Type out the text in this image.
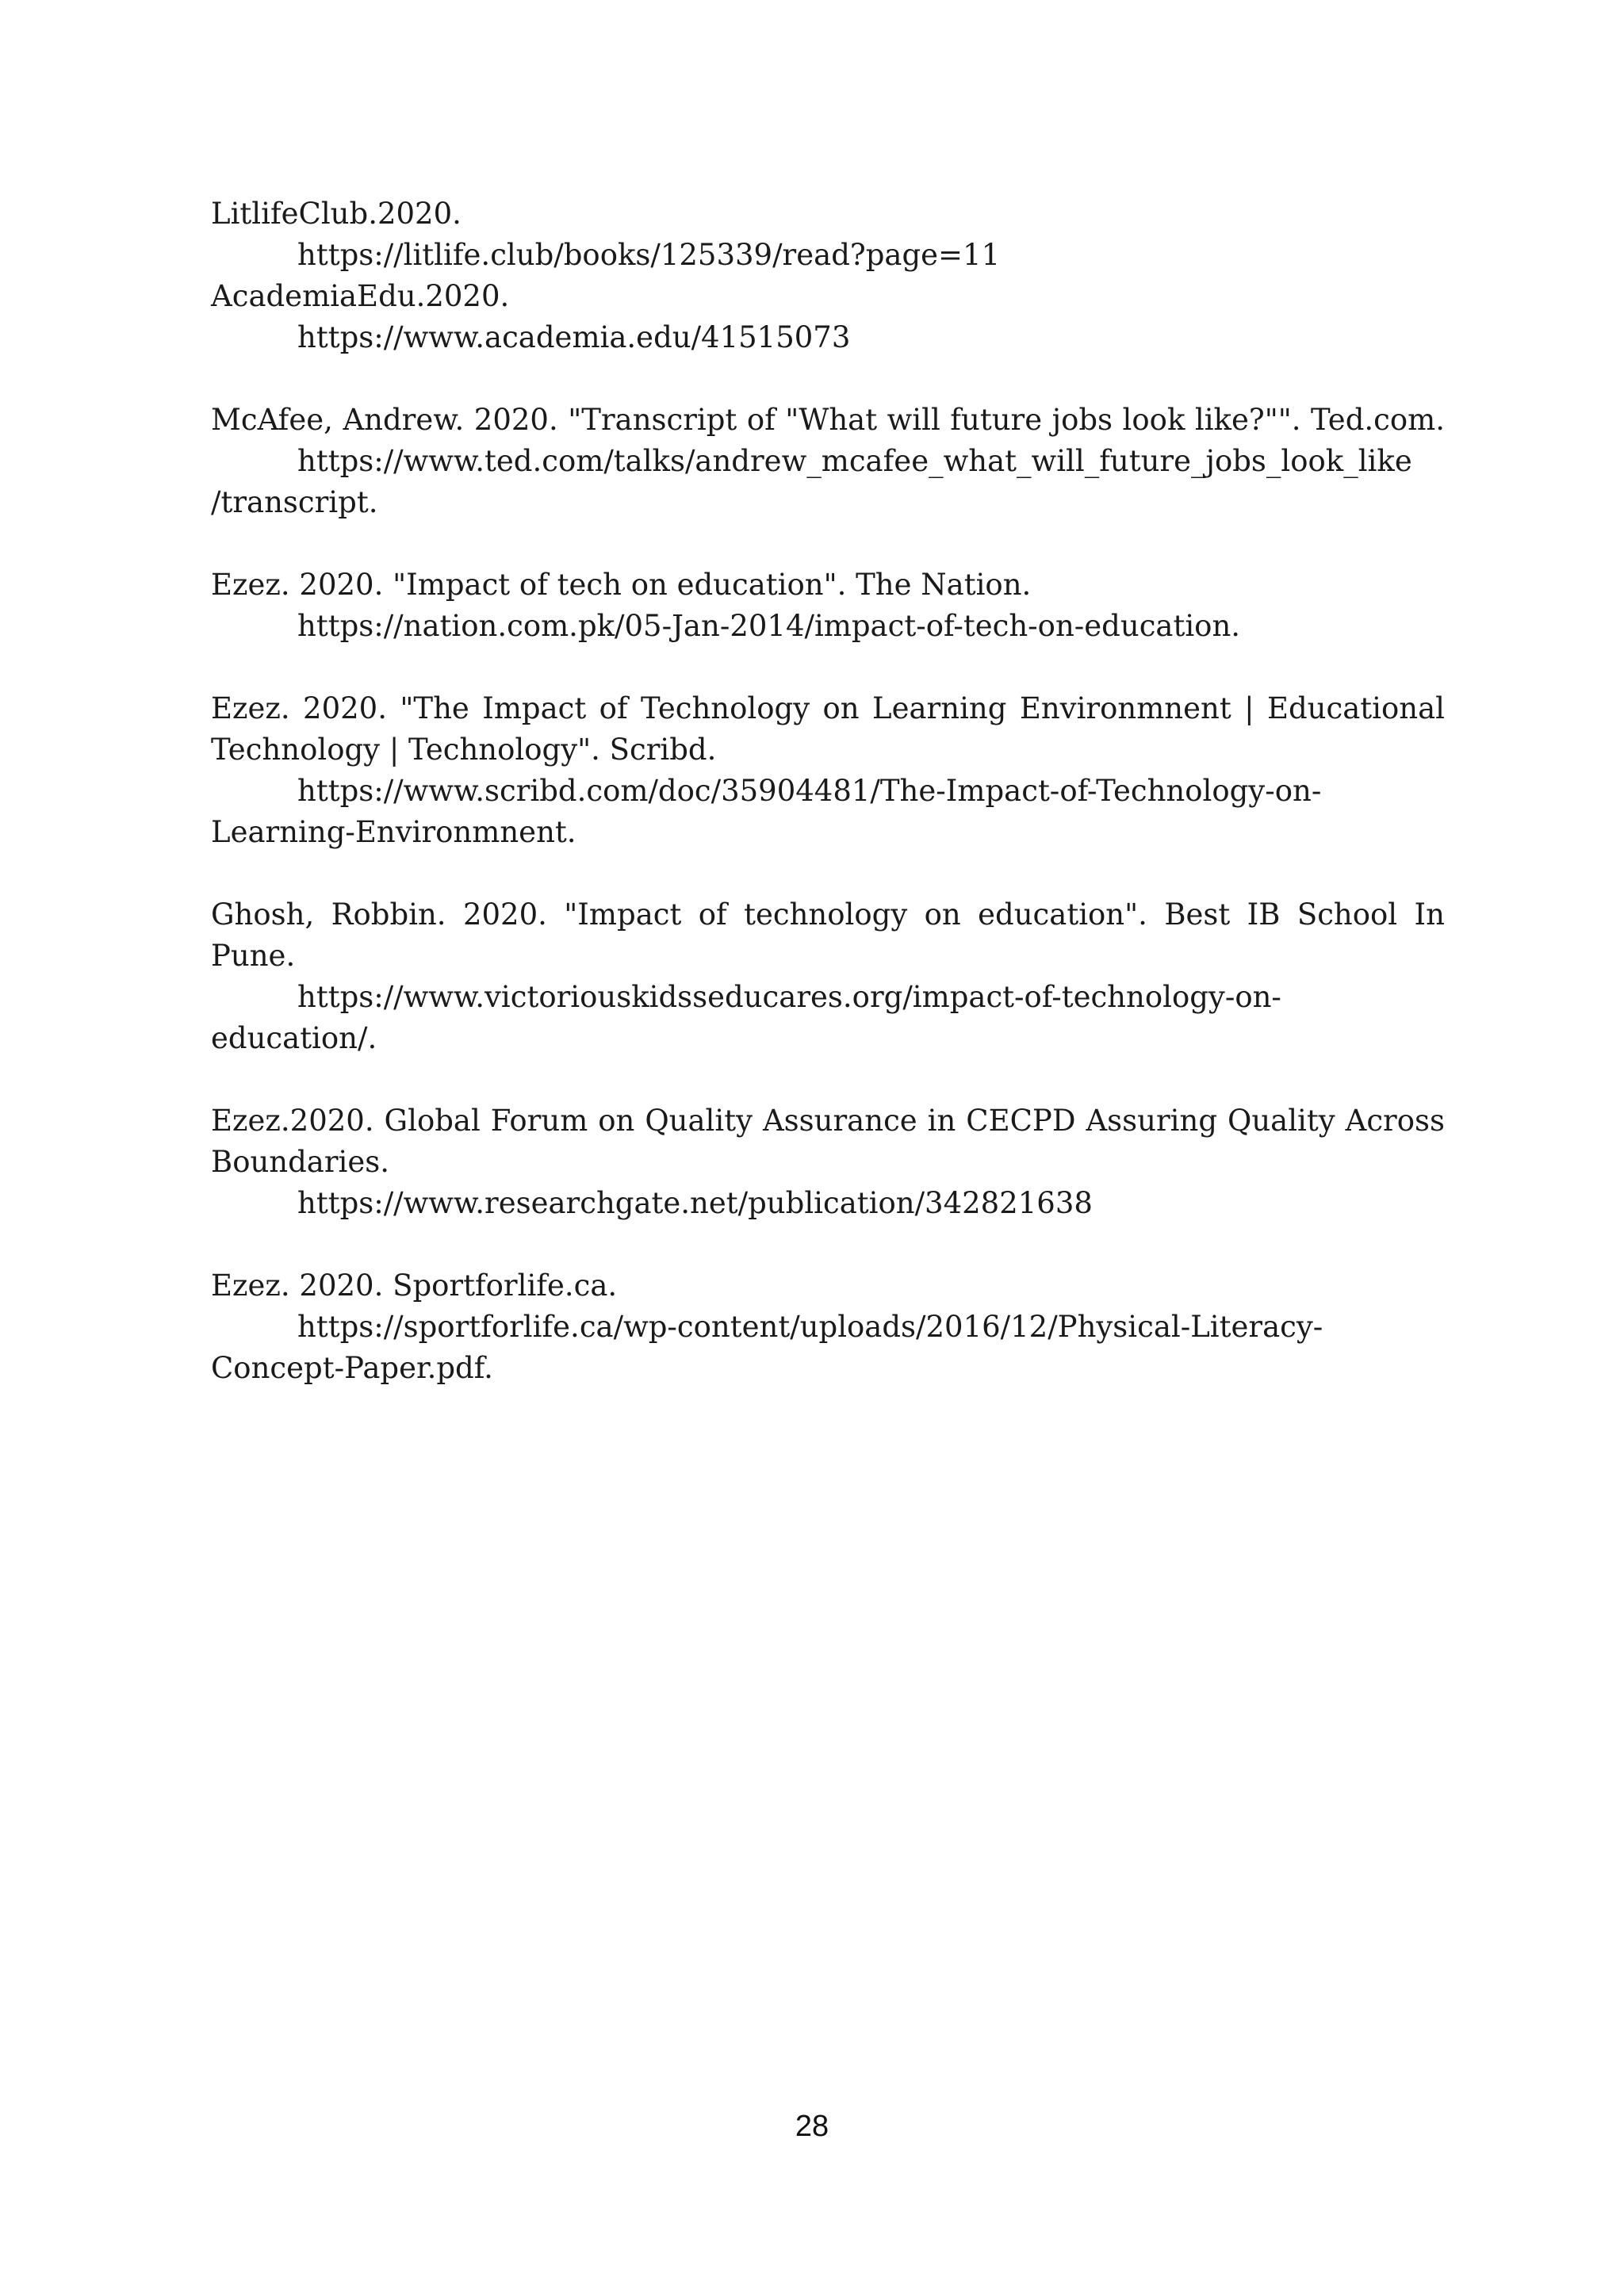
LitlifeClub.2020.
https://litlife.club/books/125339/read?page=11
AcademiaEdu.2020.
https://www.academia.edu/41515073
McAfee, Andrew. 2020. "Transcript of "What will future jobs look like?"". Ted.com.
https://www.ted.com/talks/andrew_mcafee_what_will_future_jobs_look_like
/transcript.
Ezez. 2020. "Impact of tech on education". The Nation.
https://nation.com.pk/05-Jan-2014/impact-of-tech-on-education.
Ezez. 2020. "The Impact of Technology on Learning Environmnent | Educational
Technology | Technology". Scribd.
https://www.scribd.com/doc/35904481/The-Impact-of-Technology-on-
Learning-Environmnent.
Ghosh, Robbin. 2020. "Impact of technology on education". Best IB School In Pune.
https://www.victoriouskidsseducares.org/impact-of-technology-on-
education/.
Ezez.2020. Global Forum on Quality Assurance in CECPD Assuring Quality Across
Boundaries.
https://www.researchgate.net/publication/342821638
Ezez. 2020. Sportforlife.ca.
https://sportforlife.ca/wp-content/uploads/2016/12/Physical-Literacy-
Concept-Paper.pdf.
28
